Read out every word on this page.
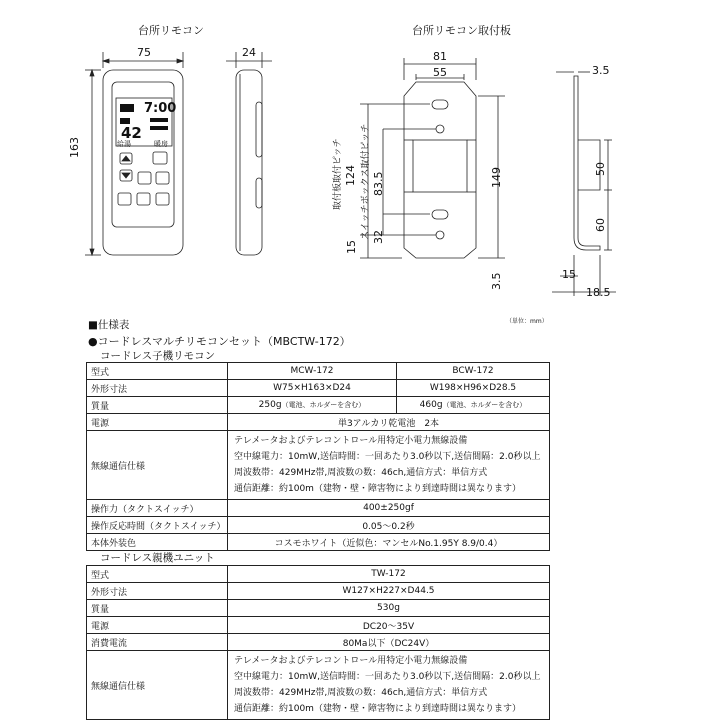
台所リモコン	台所リモコン取付板
7:00
42
給湯	暖房
75	24
163
81
55
149
124 83.5
取付板取付ピッチ	スイッチボックス取付ピッチ
15
32
3.5
3.5
50
60
15
18.5
（単位：mm）
■仕様表
●コードレスマルチリモコンセット（MBCTW-172）
コードレス子機リモコン
型式	MCW-172	BCW-172
外形寸法	W75×H163×D24	W198×H96×D28.5
質量	250g（電池、ホルダーを含む）	460g（電池、ホルダーを含む）
電源	単3アルカリ乾電池　2本	
無線通信仕様	テレメータおよびテレコントロール用特定小電力無線設備
空中線電力：10mW,送信時間：一回あたり3.0秒以下,送信間隔：2.0秒以上
周波数帯：429MHz帯,周波数の数：46ch,通信方式：単信方式
通信距離：約100m（建物・壁・障害物により到達時間は異なります）	

操作力（タクトスイッチ）	400±250gf	
操作反応時間（タクトスイッチ）	0.05～0.2秒	
本体外装色	コスモホワイト（近似色：マンセルNo.1.95Y 8.9/0.4）	
コードレス親機ユニット
型式	TW-172
外形寸法	W127×H227×D44.5
質量	530g
電源	DC20～35V
消費電流	80Ma以下（DC24V）
無線通信仕様	テレメータおよびテレコントロール用特定小電力無線設備
空中線電力：10mW,送信時間：一回あたり3.0秒以下,送信間隔：2.0秒以上
周波数帯：429MHz帯,周波数の数：46ch,通信方式：単信方式
通信距離：約100m（建物・壁・障害物により到達時間は異なります）
